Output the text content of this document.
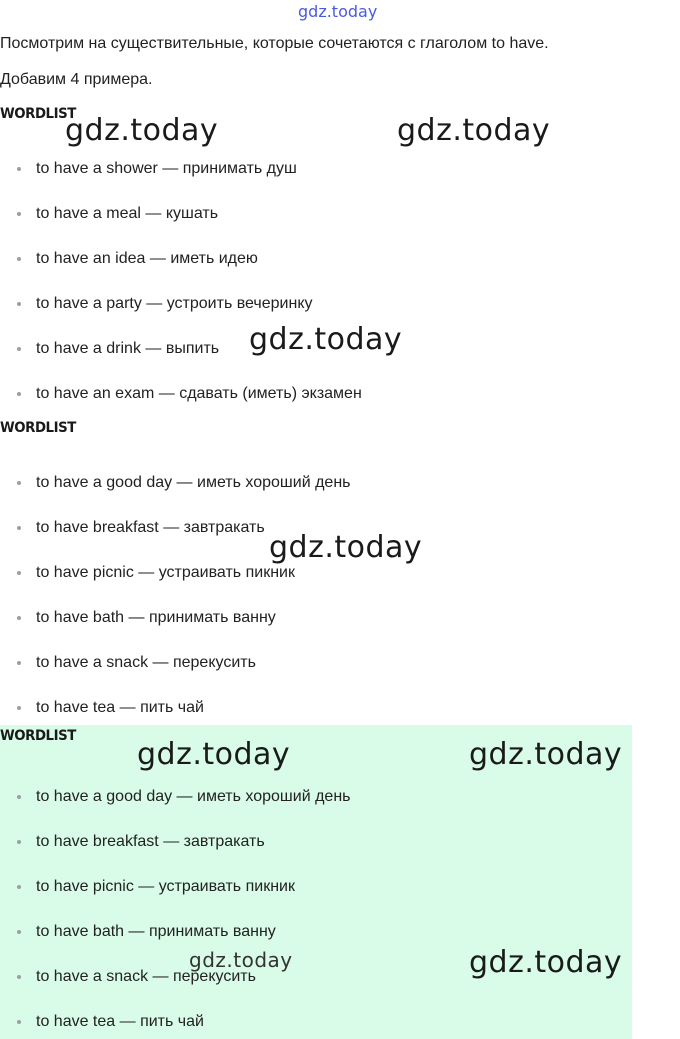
gdz.today
Посмотрим на существительные, которые сочетаются с глаголом to have.
Добавим 4 примера.
WORDLIST
to have a shower — принимать душ
to have a meal — кушать
to have an idea — иметь идею
to have a party — устроить вечеринку
to have a drink — выпить
to have an exam — сдавать (иметь) экзамен
WORDLIST
to have a good day — иметь хороший день
to have breakfast — завтракать
to have picnic — устраивать пикник
to have bath — принимать ванну
to have a snack — перекусить
to have tea — пить чай
WORDLIST
to have a good day — иметь хороший день
to have breakfast — завтракать
to have picnic — устраивать пикник
to have bath — принимать ванну
to have a snack — перекусить
to have tea — пить чай
gdz.today	gdz.today
gdz.today
gdz.today
gdz.today	gdz.today
gdz.today	gdz.today
